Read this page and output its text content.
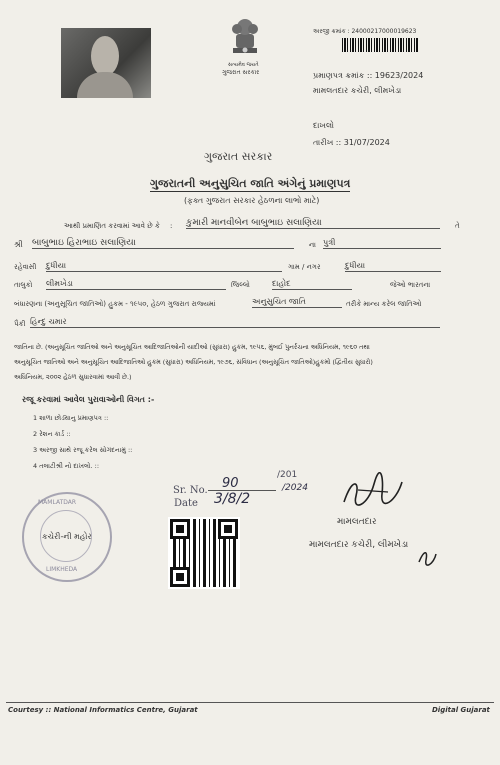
સત્યમેવ જયતે
ગુજરાત સરકાર
અરજી ક્રમાંક : 24000217000019623
પ્રમાણપત્ર ક્રમાંક :: 19623/2024
મામલતદાર કચેરી, લીમખેડા
દાખલો
તારીખ :: 31/07/2024
ગુજરાત સરકાર
ગુજરાતની અનુસુચિત જાતિ અંગેનું પ્રમાણપત્ર
(ફક્ત ગુજરાત સરકાર હેઠળના લાભો માટે)
આથી પ્રમાણિત કરવામાં આવે છે કે : કુમારી માનવીબેન બાબુભાઇ સલાણિયા	તે
શ્રી બાબુભાઇ હિરાભાઇ સલાણિયા	ના પુત્રી
રહેવાસી દુધીયા	ગામ / નગર	દુધીયા
તાલુકો લીમખેડા	જિલ્લો	દાહોદ	જેઓ ભારતના
બંધારણના (અનુસૂચિત જાતિઓ) હુકમ - ૧૯૫૦, હેઠળ ગુજરાત રાજ્યમાં	અનુસુચિત જાતિ	તરીકે માન્ય કરેલ જાતિઓ
પૈકી હિન્દુ ચમાર
જાતિના છે. (અનુસૂચિત જાતિઓ અને અનુસૂચિત આદિજાતિઓની યાદીઓ (સુધારા) હુકમ, ૧૯૫૬, મુંબઈ પુનર્રચના અધિનિયમ, ૧૯૬૦ તથા
અનુસૂચિત જાતિઓ અને અનુસૂચિત આદિજાતિઓ હુકમ (સુધારા) અધિનિયમ, ૧૯૭૬, સંવિધાન (અનુસૂચિત જાતિઓ)હુકમો (દ્વિતીય સુધારો)
અધિનિયમ, ૨૦૦૨ હેઠળ સુધારવામાં આવી છે.)
રજૂ કરવામાં આવેલ પુરાવાઓની વિગત :-
1 શાળા છોડ્યાનુ પ્રમાણપત્ર ::
2 રેશન કાર્ડ ::
3 અરજી સાથે રજૂ કરેલ સોગંદનામું ::
4 તલાટીશ્રી નો દાખલો. ::
Sr. No. 90
Date 3/8/2
/201
/2024
મામલતદાર
મામલતદાર કચેરી, લીમખેડા
MAMLATDAR
કચેરી-ની મહોર
LIMKHEDA
Courtesy :: National Informatics Centre, Gujarat	Digital Gujarat
